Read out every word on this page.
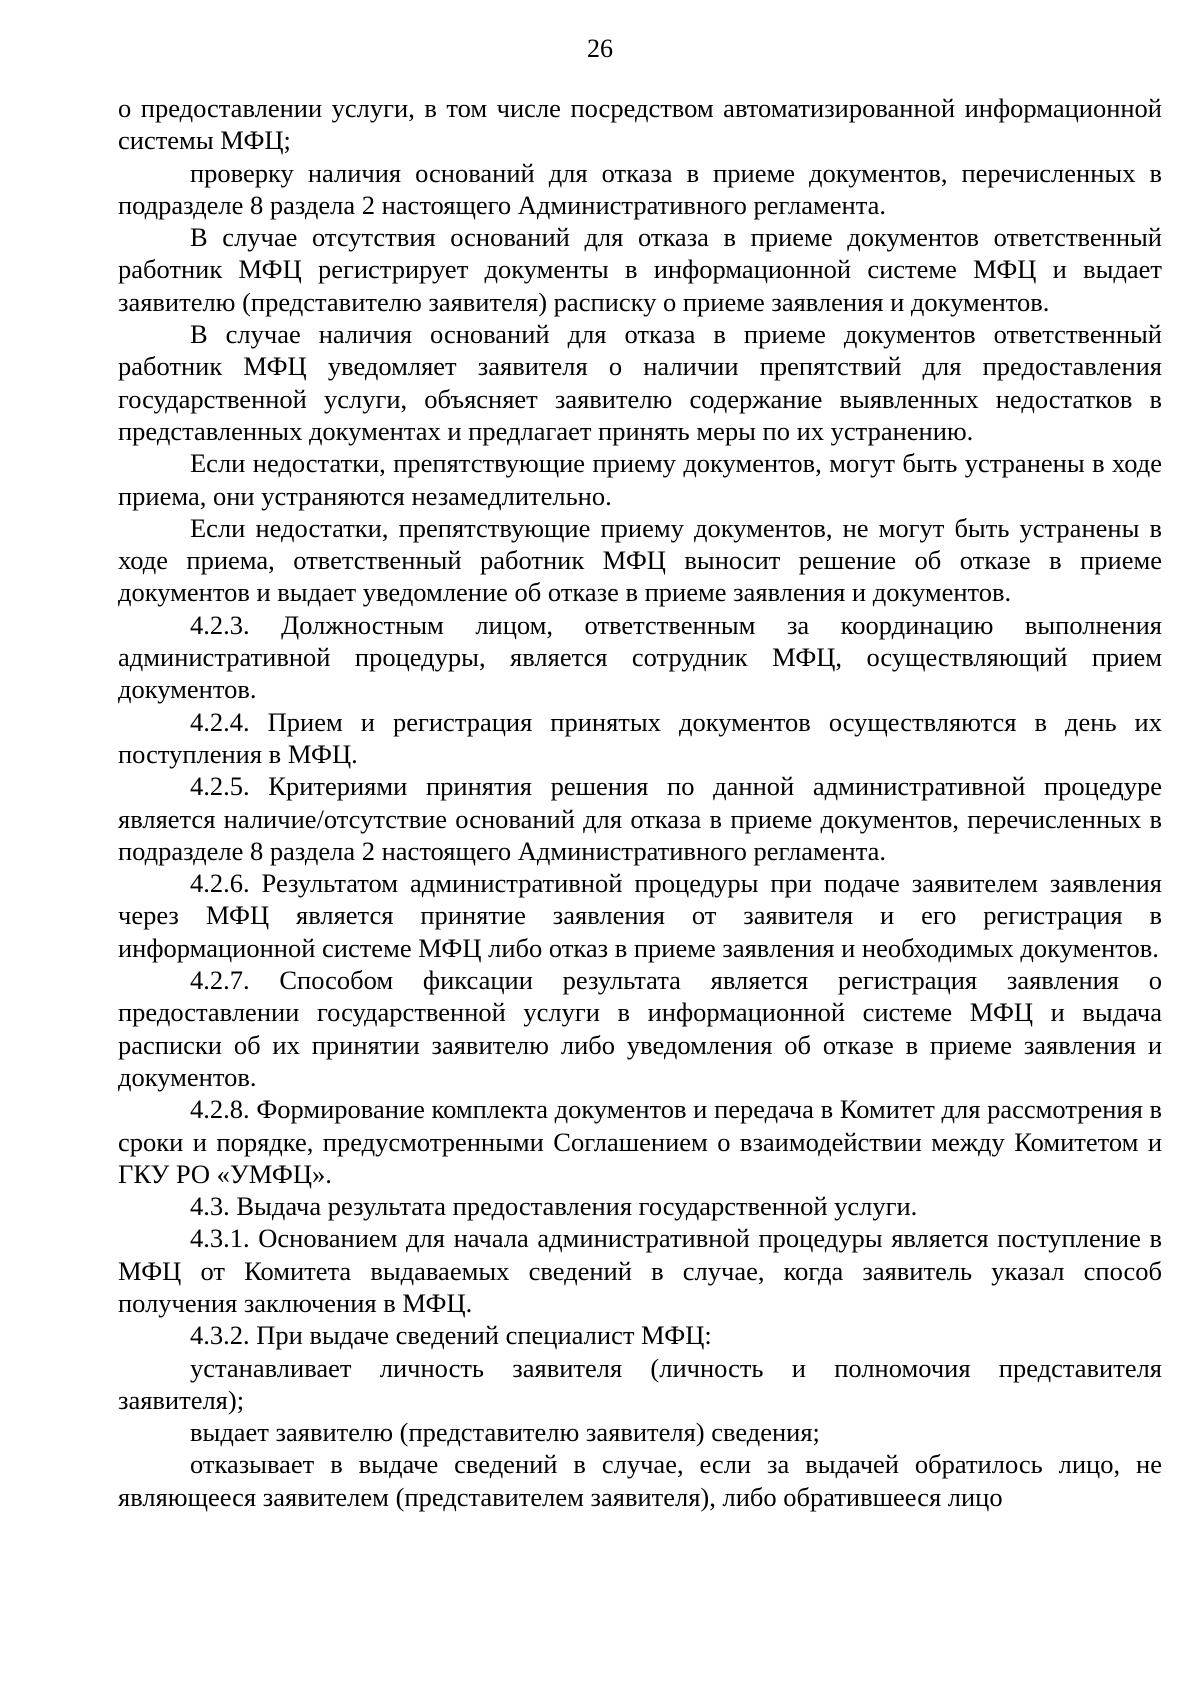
26

о предоставлении услуги, в том числе посредством автоматизированной информационной системы МФЦ;

проверку наличия оснований для отказа в приеме документов, перечисленных в подразделе 8 раздела 2 настоящего Административного регламента.

В случае отсутствия оснований для отказа в приеме документов ответственный работник МФЦ регистрирует документы в информационной системе МФЦ и выдает заявителю (представителю заявителя) расписку о приеме заявления и документов.

В случае наличия оснований для отказа в приеме документов ответственный работник МФЦ уведомляет заявителя о наличии препятствий для предоставления государственной услуги, объясняет заявителю содержание выявленных недостатков в представленных документах и предлагает принять меры по их устранению.

Если недостатки, препятствующие приему документов, могут быть устранены в ходе приема, они устраняются незамедлительно.

Если недостатки, препятствующие приему документов, не могут быть устранены в ходе приема, ответственный работник МФЦ выносит решение об отказе в приеме документов и выдает уведомление об отказе в приеме заявления и документов.

4.2.3. Должностным лицом, ответственным за координацию выполнения административной процедуры, является сотрудник МФЦ, осуществляющий прием документов.

4.2.4. Прием и регистрация принятых документов осуществляются в день их поступления в МФЦ.

4.2.5. Критериями принятия решения по данной административной процедуре является наличие/отсутствие оснований для отказа в приеме документов, перечисленных в подразделе 8 раздела 2 настоящего Административного регламента.

4.2.6. Результатом административной процедуры при подаче заявителем заявления через МФЦ является принятие заявления от заявителя и его регистрация в информационной системе МФЦ либо отказ в приеме заявления и необходимых документов.

4.2.7. Способом фиксации результата является регистрация заявления о предоставлении государственной услуги в информационной системе МФЦ и выдача расписки об их принятии заявителю либо уведомления об отказе в приеме заявления и документов.

4.2.8. Формирование комплекта документов и передача в Комитет для рассмотрения в сроки и порядке, предусмотренными Соглашением о взаимодействии между Комитетом и ГКУ РО «УМФЦ».

4.3. Выдача результата предоставления государственной услуги.

4.3.1. Основанием для начала административной процедуры является поступление в МФЦ от Комитета выдаваемых сведений в случае, когда заявитель указал способ получения заключения в МФЦ.

4.3.2. При выдаче сведений специалист МФЦ:

устанавливает личность заявителя (личность и полномочия представителя заявителя);

выдает заявителю (представителю заявителя) сведения;

отказывает в выдаче сведений в случае, если за выдачей обратилось лицо, не являющееся заявителем (представителем заявителя), либо обратившееся лицо
